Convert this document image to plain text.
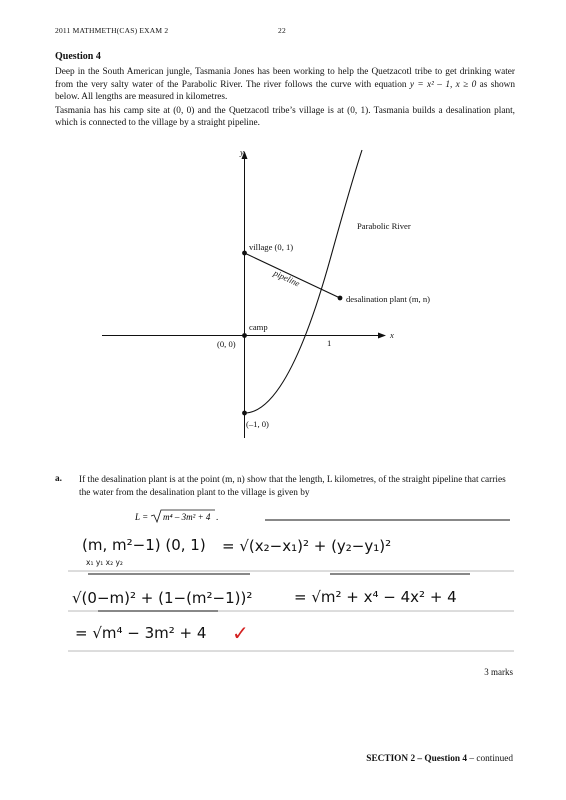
2011 MATHMETH(CAS) EXAM 2	22
Question 4

Deep in the South American jungle, Tasmania Jones has been working to help the Quetzacotl tribe to get drinking water from the very salty water of the Parabolic River. The river follows the curve with equation y = x² – 1, x ≥ 0 as shown below. All lengths are measured in kilometres.

Tasmania has his camp site at (0, 0) and the Quetzacotl tribe’s village is at (0, 1). Tasmania builds a desalination plant, which is connected to the village by a straight pipeline.

y
x
Parabolic River
village (0, 1)
pipeline
desalination plant (m, n)
camp
(0, 0)	1
(–1, 0)
a. If the desalination plant is at the point (m, n) show that the length, L kilometres, of the straight pipeline that carries the water from the desalination plant to the village is given by
L = m⁴ – 3m² + 4 .
(m, m²−1) (0, 1)
x₁ y₁ x₂ y₂
= √(x₂−x₁)² + (y₂−y₁)²
√(0−m)² + (1−(m²−1))²	= √m² + x⁴ − 4x² + 4
= √m⁴ − 3m² + 4 ✓
3 marks
SECTION 2 – Question 4 – continued
